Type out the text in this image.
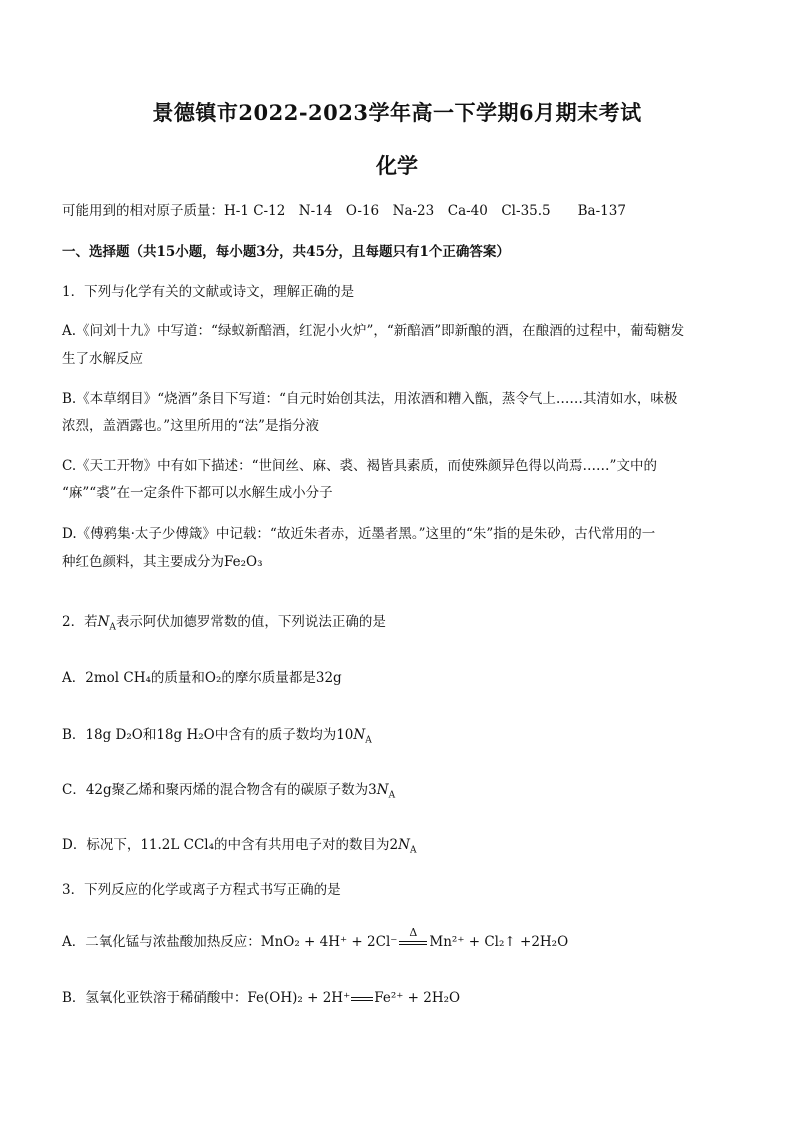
景德镇市2022-2023学年高一下学期6月期末考试
化学
可能用到的相对原子质量：H-1 C-12　N-14　O-16　Na-23　Ca-40　Cl-35.5　　Ba-137
一、选择题（共15小题，每小题3分，共45分，且每题只有1个正确答案）
1．下列与化学有关的文献或诗文，理解正确的是
A.《问刘十九》中写道：“绿蚁新醅酒，红泥小火炉”，“新醅酒”即新酿的酒，在酿酒的过程中，葡萄糖发
生了水解反应
B.《本草纲目》“烧酒”条目下写道：“自元时始创其法，用浓酒和糟入甑，蒸令气上……其清如水，味极
浓烈，盖酒露也。”这里所用的“法”是指分液
C.《天工开物》中有如下描述：“世间丝、麻、裘、褐皆具素质，而使殊颜异色得以尚焉……”文中的
“麻”“裘”在一定条件下都可以水解生成小分子
D.《傅鸦集·太子少傅箴》中记载：“故近朱者赤，近墨者黑。”这里的“朱”指的是朱砂，古代常用的一
种红色颜料，其主要成分为Fe₂O₃
2．若$N_A$表示阿伏加德罗常数的值，下列说法正确的是
A．2mol CH₄的质量和O₂的摩尔质量都是32g
B．18g D₂O和18g H₂O中含有的质子数均为$10N_A$
C．42g聚乙烯和聚丙烯的混合物含有的碳原子数为$3N_A$
D．标况下，11.2L CCl₄的中含有共用电子对的数目为$2N_A$
3．下列反应的化学或离子方程式书写正确的是
A．二氧化锰与浓盐酸加热反应：MnO₂ + 4H⁺ + 2Cl⁻
Δ
Mn²⁺ + Cl₂↑ +2H₂O
B．氢氧化亚铁溶于稀硝酸中：Fe(OH)₂ + 2H⁺ Fe²⁺ + 2H₂O
